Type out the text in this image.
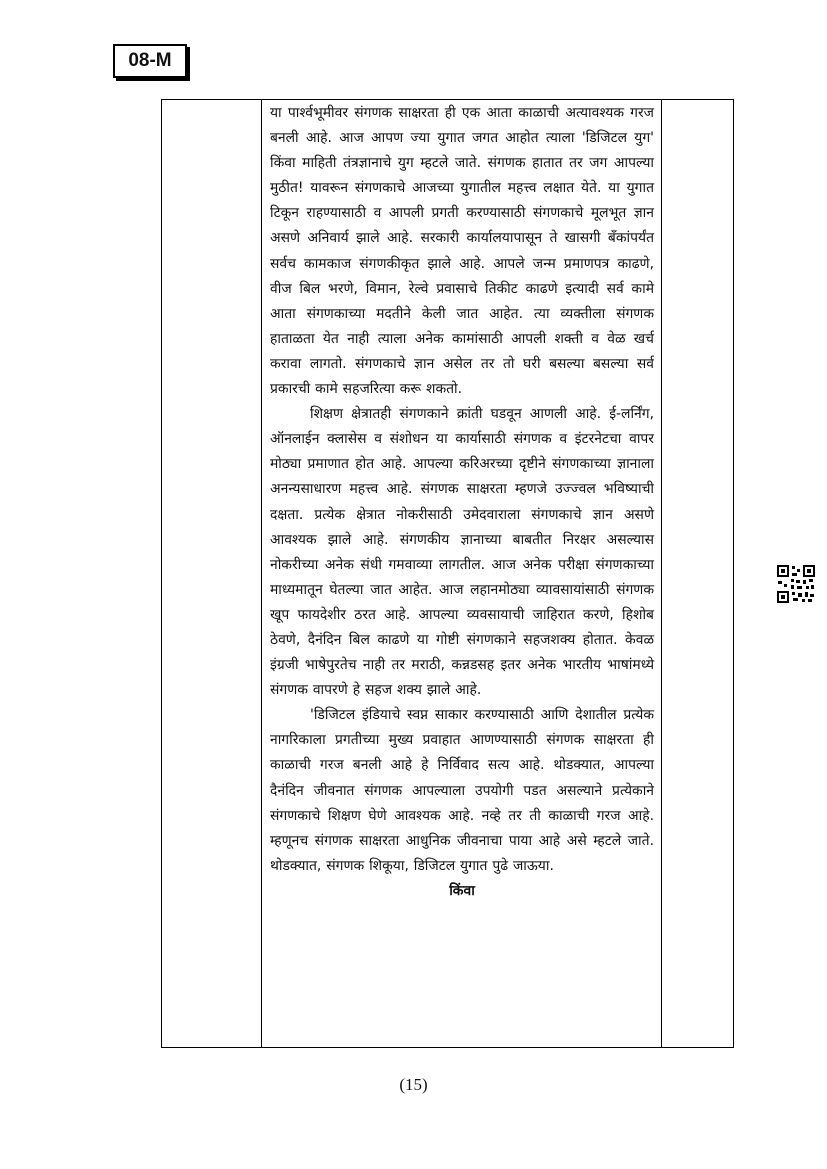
08-M

या पार्श्वभूमीवर संगणक साक्षरता ही एक आता काळाची अत्यावश्यक गरज बनली आहे. आज आपण ज्या युगात जगत आहोत त्याला 'डिजिटल युग' किंवा माहिती तंत्रज्ञानाचे युग म्हटले जाते. संगणक हातात तर जग आपल्या मुठीत! यावरून संगणकाचे आजच्या युगातील महत्त्व लक्षात येते. या युगात टिकून राहण्यासाठी व आपली प्रगती करण्यासाठी संगणकाचे मूलभूत ज्ञान असणे अनिवार्य झाले आहे. सरकारी कार्यालयापासून ते खासगी बँकांपर्यंत सर्वच कामकाज संगणकीकृत झाले आहे. आपले जन्म प्रमाणपत्र काढणे, वीज बिल भरणे, विमान, रेल्वे प्रवासाचे तिकीट काढणे इत्यादी सर्व कामे आता संगणकाच्या मदतीने केली जात आहेत. त्या व्यक्तीला संगणक हाताळता येत नाही त्याला अनेक कामांसाठी आपली शक्ती व वेळ खर्च करावा लागतो. संगणकाचे ज्ञान असेल तर तो घरी बसल्या बसल्या सर्व प्रकारची कामे सहजरित्या करू शकतो.

शिक्षण क्षेत्रातही संगणकाने क्रांती घडवून आणली आहे. ई-लर्निंग, ऑनलाईन क्लासेस व संशोधन या कार्यासाठी संगणक व इंटरनेटचा वापर मोठ्या प्रमाणात होत आहे. आपल्या करिअरच्या दृष्टीने संगणकाच्या ज्ञानाला अनन्यसाधारण महत्त्व आहे. संगणक साक्षरता म्हणजे उज्ज्वल भविष्याची दक्षता. प्रत्येक क्षेत्रात नोकरीसाठी उमेदवाराला संगणकाचे ज्ञान असणे आवश्यक झाले आहे. संगणकीय ज्ञानाच्या बाबतीत निरक्षर असल्यास नोकरीच्या अनेक संधी गमवाव्या लागतील. आज अनेक परीक्षा संगणकाच्या माध्यमातून घेतल्या जात आहेत. आज लहानमोठ्या व्यावसायांसाठी संगणक खूप फायदेशीर ठरत आहे. आपल्या व्यवसायाची जाहिरात करणे, हिशोब ठेवणे, दैनंदिन बिल काढणे या गोष्टी संगणकाने सहजशक्य होतात. केवळ इंग्रजी भाषेपुरतेच नाही तर मराठी, कन्नडसह इतर अनेक भारतीय भाषांमध्ये संगणक वापरणे हे सहज शक्य झाले आहे.

'डिजिटल इंडियाचे स्वप्न साकार करण्यासाठी आणि देशातील प्रत्येक नागरिकाला प्रगतीच्या मुख्य प्रवाहात आणण्यासाठी संगणक साक्षरता ही काळाची गरज बनली आहे हे निर्विवाद सत्य आहे. थोडक्यात, आपल्या दैनंदिन जीवनात संगणक आपल्याला उपयोगी पडत असल्याने प्रत्येकाने संगणकाचे शिक्षण घेणे आवश्यक आहे. नव्हे तर ती काळाची गरज आहे. म्हणूनच संगणक साक्षरता आधुनिक जीवनाचा पाया आहे असे म्हटले जाते. थोडक्यात, संगणक शिकूया, डिजिटल युगात पुढे जाऊया.

किंवा

(15)
